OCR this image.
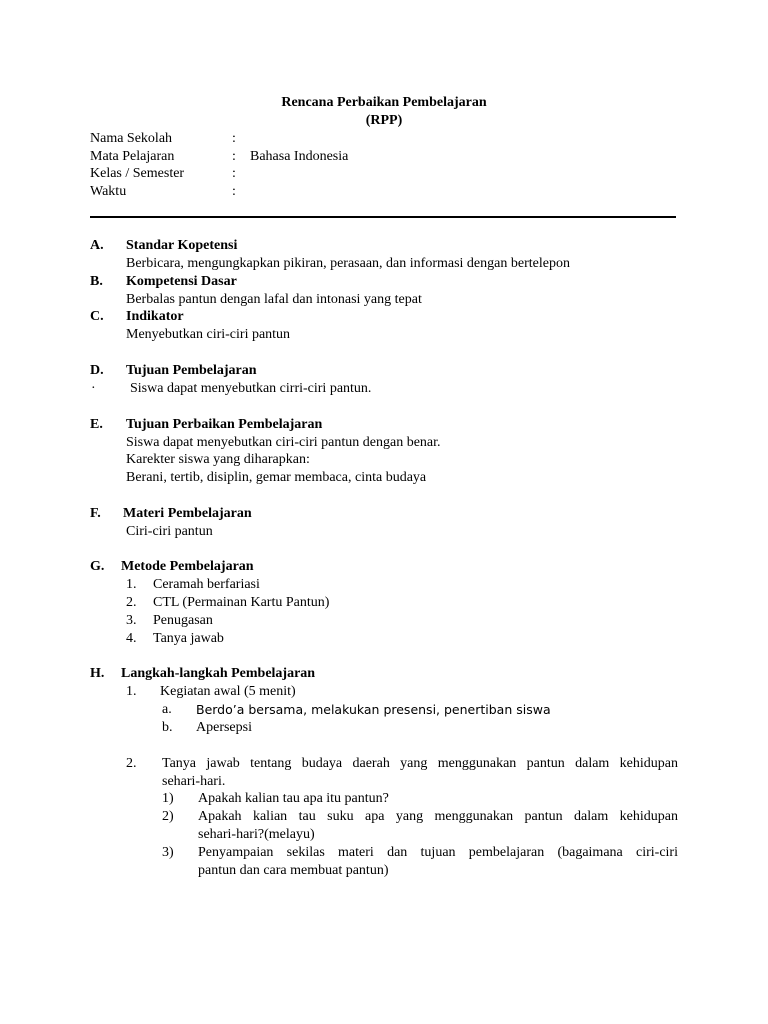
Rencana Perbaikan Pembelajaran
(RPP)
Nama Sekolah	:
Mata Pelajaran	: Bahasa Indonesia
Kelas / Semester	:
Waktu	:
A. Standar Kopetensi
Berbicara, mengungkapkan pikiran, perasaan, dan informasi dengan bertelepon
B. Kompetensi Dasar
Berbalas pantun dengan lafal dan intonasi yang tepat
C. Indikator
Menyebutkan ciri-ciri pantun
D. Tujuan Pembelajaran
· Siswa dapat menyebutkan cirri-ciri pantun.
E. Tujuan Perbaikan Pembelajaran
Siswa dapat menyebutkan ciri-ciri pantun dengan benar.
Karekter siswa yang diharapkan:
Berani, tertib, disiplin, gemar membaca, cinta budaya
F. Materi Pembelajaran
Ciri-ciri pantun
G. Metode Pembelajaran
1. Ceramah berfariasi
2. CTL (Permainan Kartu Pantun)
3. Penugasan
4. Tanya jawab
H. Langkah-langkah Pembelajaran
1. Kegiatan awal (5 menit)
a. Berdo’a bersama, melakukan presensi, penertiban siswa
b. Apersepsi
2. Tanya jawab tentang budaya daerah yang menggunakan pantun dalam kehidupan
sehari-hari.
1) Apakah kalian tau apa itu pantun?
2) Apakah kalian tau suku apa yang menggunakan pantun dalam kehidupan
sehari-hari?(melayu)
3) Penyampaian sekilas materi dan tujuan pembelajaran (bagaimana ciri-ciri
pantun dan cara membuat pantun)
